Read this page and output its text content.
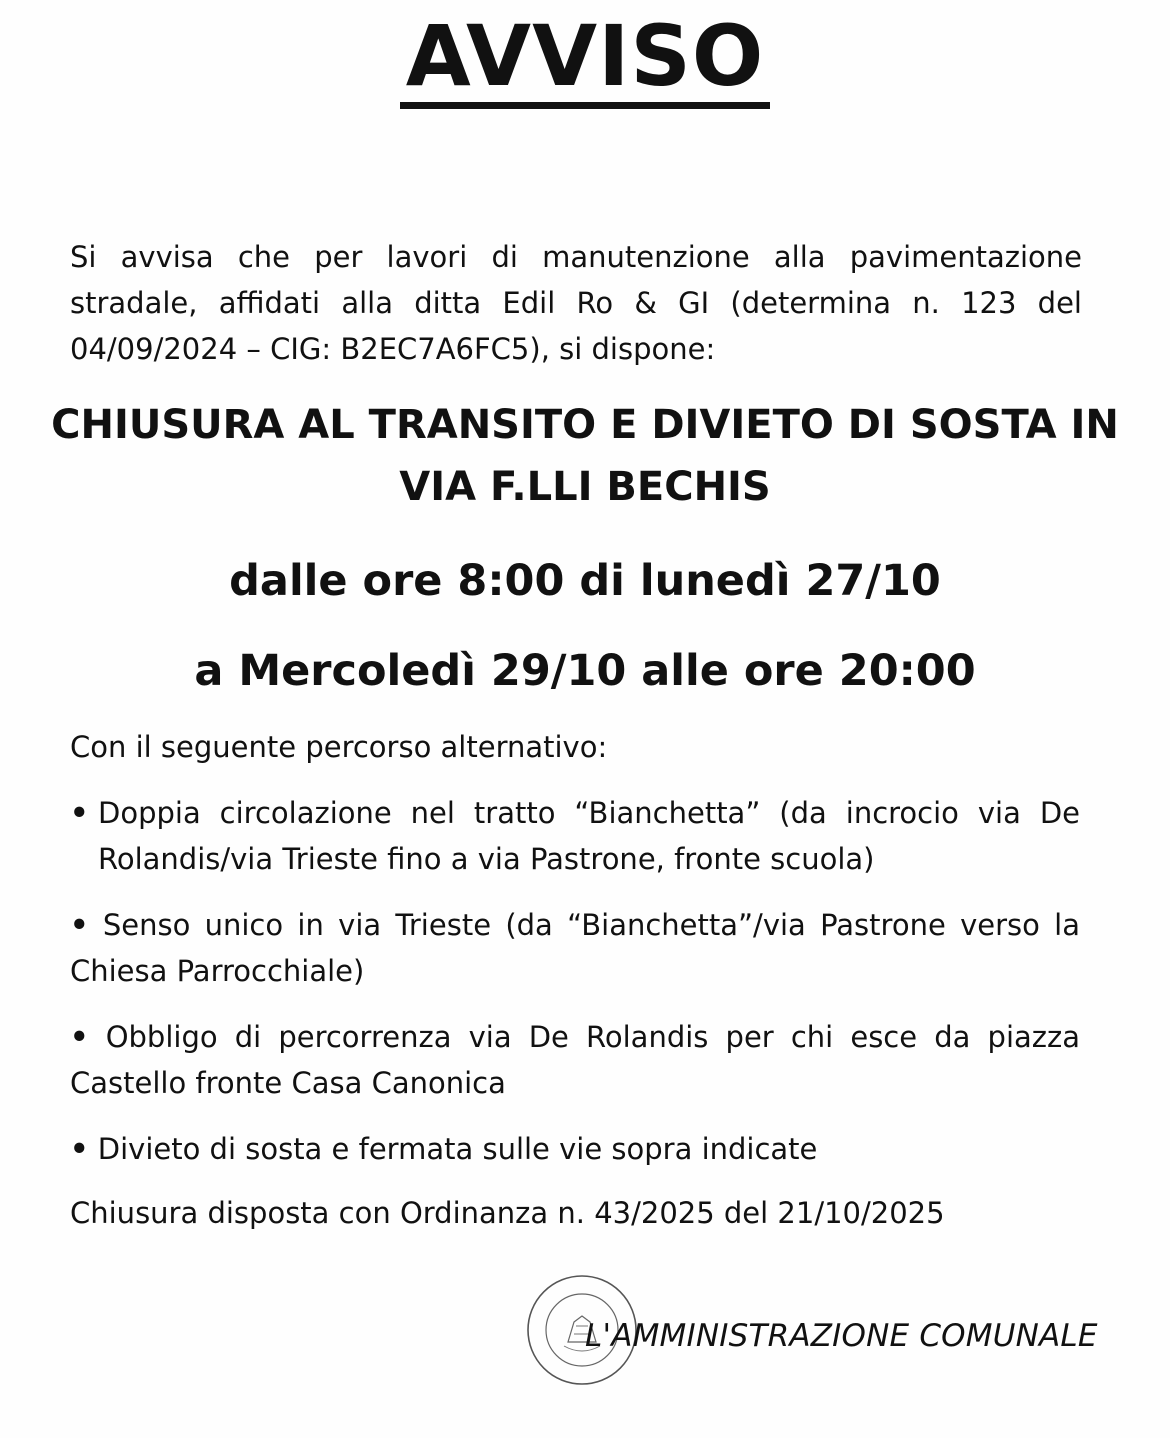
AVVISO
Si avvisa che per lavori di manutenzione alla pavimentazione stradale, affidati alla ditta Edil Ro & GI (determina n. 123 del 04/09/2024 – CIG: B2EC7A6FC5), si dispone:
CHIUSURA AL TRANSITO E DIVIETO DI SOSTA IN VIA F.LLI BECHIS
dalle ore 8:00 di lunedì 27/10
a Mercoledì 29/10 alle ore 20:00
Con il seguente percorso alternativo:
• Doppia circolazione nel tratto “Bianchetta” (da incrocio via De Rolandis/via Trieste fino a via Pastrone, fronte scuola)
• Senso unico in via Trieste (da “Bianchetta”/via Pastrone verso la Chiesa Parrocchiale)
• Obbligo di percorrenza via De Rolandis per chi esce da piazza Castello fronte Casa Canonica
• Divieto di sosta e fermata sulle vie sopra indicate
Chiusura disposta con Ordinanza n. 43/2025 del 21/10/2025
L'AMMINISTRAZIONE COMUNALE
